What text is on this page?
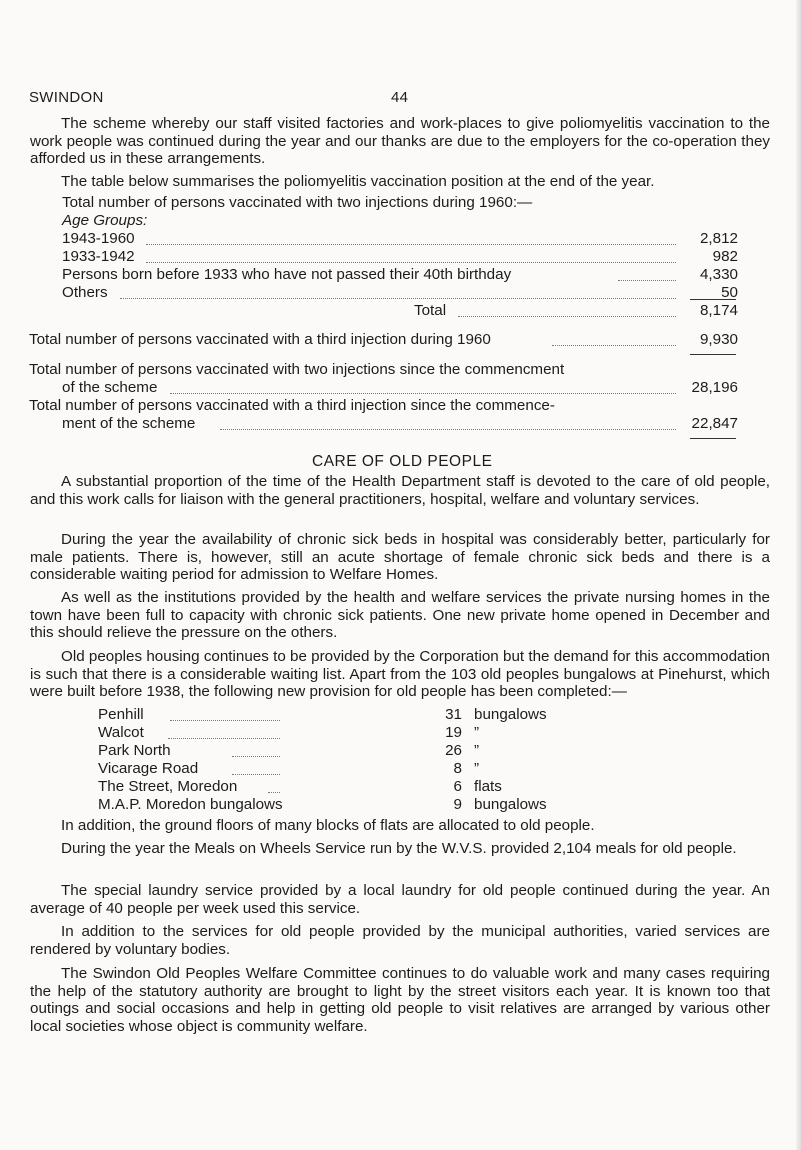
SWINDON	44
The scheme whereby our staff visited factories and work-places to give poliomyelitis vaccination to the work people was continued during the year and our thanks are due to the employers for the co-operation they afforded us in these arrangements.
The table below summarises the poliomyelitis vaccination position at the end of the year.
Total number of persons vaccinated with two injections during 1960:—
Age Groups:
1943-1960	2,812
1933-1942	982
Persons born before 1933 who have not passed their 40th birthday	4,330
Others	50
Total	8,174
Total number of persons vaccinated with a third injection during 1960	9,930
Total number of persons vaccinated with two injections since the commencment
of the scheme	28,196
Total number of persons vaccinated with a third injection since the commence-
ment of the scheme	22,847
CARE OF OLD PEOPLE
A substantial proportion of the time of the Health Department staff is devoted to the care of old people, and this work calls for liaison with the general practitioners, hospital, welfare and voluntary services.
During the year the availability of chronic sick beds in hospital was considerably better, particularly for male patients. There is, however, still an acute shortage of female chronic sick beds and there is a considerable waiting period for admission to Welfare Homes.
As well as the institutions provided by the health and welfare services the private nursing homes in the town have been full to capacity with chronic sick patients. One new private home opened in December and this should relieve the pressure on the others.
Old peoples housing continues to be provided by the Corporation but the demand for this accommodation is such that there is a considerable waiting list. Apart from the 103 old peoples bungalows at Pinehurst, which were built before 1938, the following new provision for old people has been completed:—
Penhill	31 bungalows
Walcot	19 ”
Park North	26 ”
Vicarage Road	8 ”
The Street, Moredon	6 flats
M.A.P. Moredon bungalows	9 bungalows
In addition, the ground floors of many blocks of flats are allocated to old people.
During the year the Meals on Wheels Service run by the W.V.S. provided 2,104 meals for old people.
The special laundry service provided by a local laundry for old people continued during the year. An average of 40 people per week used this service.
In addition to the services for old people provided by the municipal authorities, varied services are rendered by voluntary bodies.
The Swindon Old Peoples Welfare Committee continues to do valuable work and many cases requiring the help of the statutory authority are brought to light by the street visitors each year. It is known too that outings and social occasions and help in getting old people to visit relatives are arranged by various other local societies whose object is community welfare.
